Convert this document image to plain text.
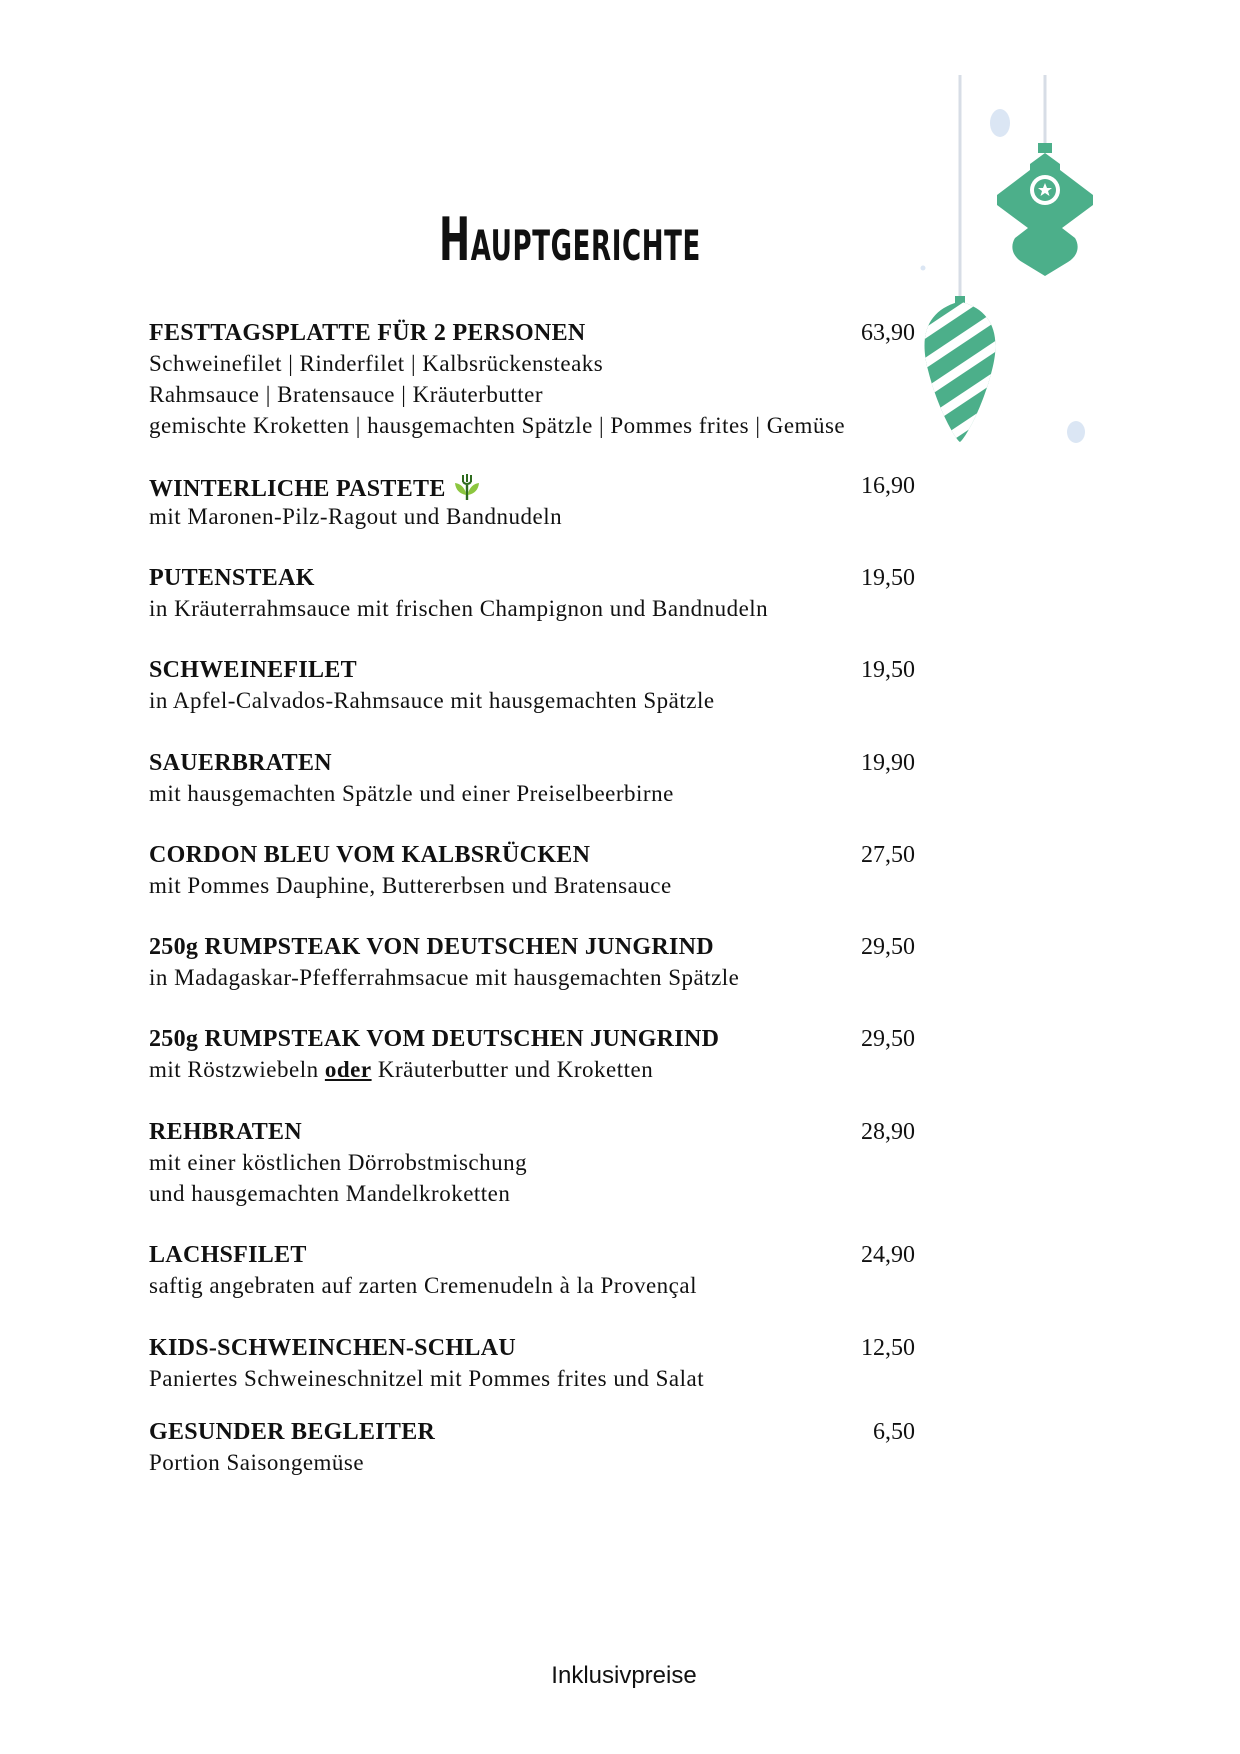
Hauptgerichte
FESTTAGSPLATTE FÜR 2 PERSONEN	63,90
Schweinefilet | Rinderfilet | Kalbsrückensteaks
Rahmsauce | Bratensauce | Kräuterbutter
gemischte Kroketten | hausgemachten Spätzle | Pommes frites | Gemüse
WINTERLICHE PASTETE	16,90
mit Maronen-Pilz-Ragout und Bandnudeln
PUTENSTEAK	19,50
in Kräuterrahmsauce mit frischen Champignon und Bandnudeln
SCHWEINEFILET	19,50
in Apfel-Calvados-Rahmsauce mit hausgemachten Spätzle
SAUERBRATEN	19,90
mit hausgemachten Spätzle und einer Preiselbeerbirne
CORDON BLEU VOM KALBSRÜCKEN	27,50
mit Pommes Dauphine, Buttererbsen und Bratensauce
250g RUMPSTEAK VON DEUTSCHEN JUNGRIND	29,50
in Madagaskar-Pfefferrahmsacue mit hausgemachten Spätzle
250g RUMPSTEAK VOM DEUTSCHEN JUNGRIND	29,50
mit Röstzwiebeln oder Kräuterbutter und Kroketten
REHBRATEN	28,90
mit einer köstlichen Dörrobstmischung
und hausgemachten Mandelkroketten
LACHSFILET	24,90
saftig angebraten auf zarten Cremenudeln à la Provençal
KIDS-SCHWEINCHEN-SCHLAU	12,50
Paniertes Schweineschnitzel mit Pommes frites und Salat
GESUNDER BEGLEITER	6,50
Portion Saisongemüse
Inklusivpreise
